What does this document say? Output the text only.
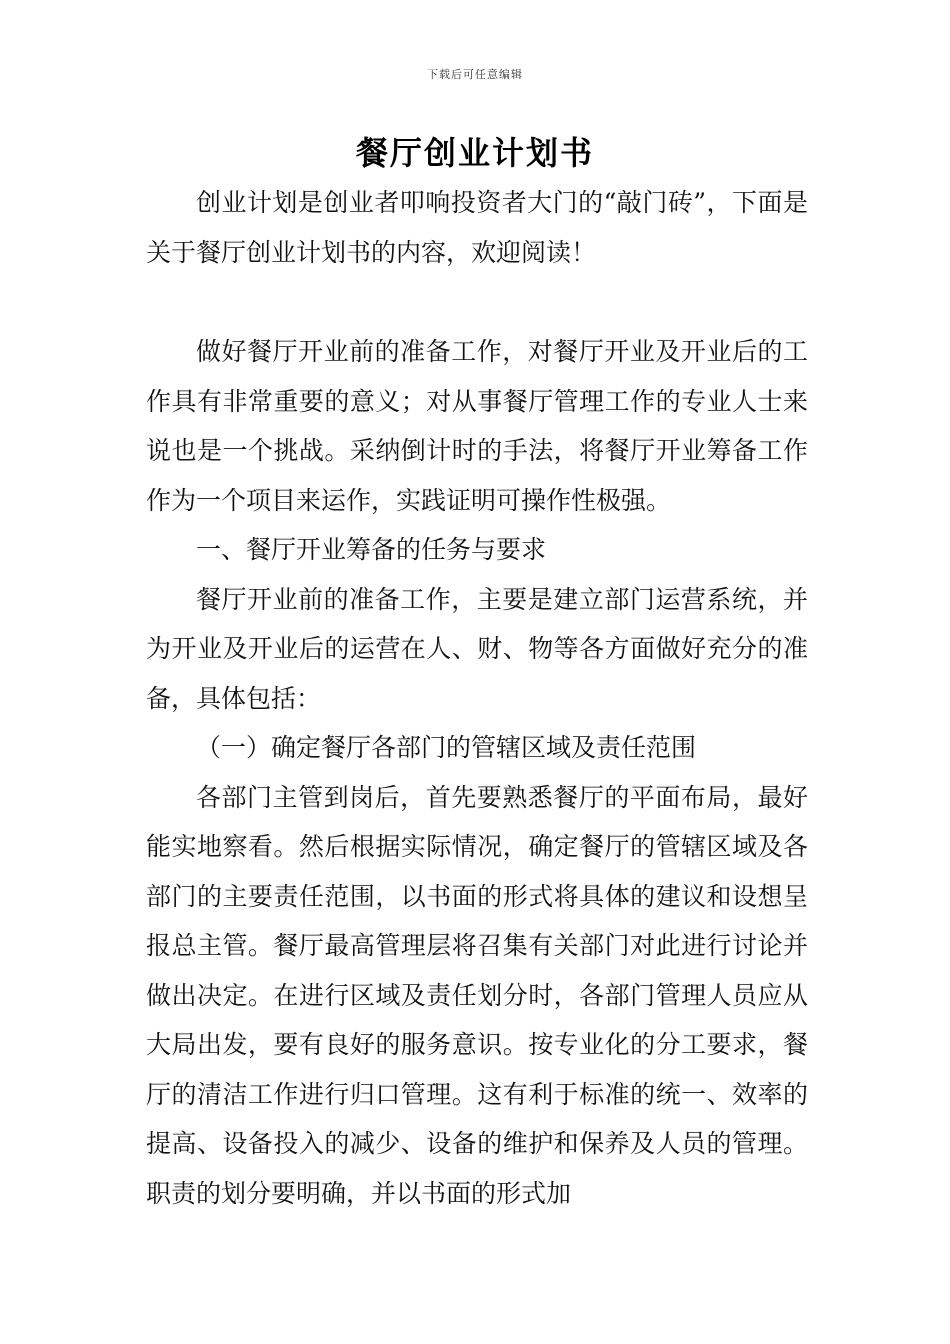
下载后可任意编辑
餐厅创业计划书

创业计划是创业者叩响投资者大门的“敲门砖”，下面是关于餐厅创业计划书的内容，欢迎阅读！

做好餐厅开业前的准备工作，对餐厅开业及开业后的工作具有非常重要的意义；对从事餐厅管理工作的专业人士来说也是一个挑战。采纳倒计时的手法，将餐厅开业筹备工作作为一个项目来运作，实践证明可操作性极强。

一、餐厅开业筹备的任务与要求

餐厅开业前的准备工作，主要是建立部门运营系统，并为开业及开业后的运营在人、财、物等各方面做好充分的准备，具体包括：

（一）确定餐厅各部门的管辖区域及责任范围

各部门主管到岗后，首先要熟悉餐厅的平面布局，最好能实地察看。然后根据实际情况，确定餐厅的管辖区域及各部门的主要责任范围，以书面的形式将具体的建议和设想呈报总主管。餐厅最高管理层将召集有关部门对此进行讨论并做出决定。在进行区域及责任划分时，各部门管理人员应从大局出发，要有良好的服务意识。按专业化的分工要求，餐厅的清洁工作进行归口管理。这有利于标准的统一、效率的提高、设备投入的减少、设备的维护和保养及人员的管理。职责的划分要明确，并以书面的形式加
